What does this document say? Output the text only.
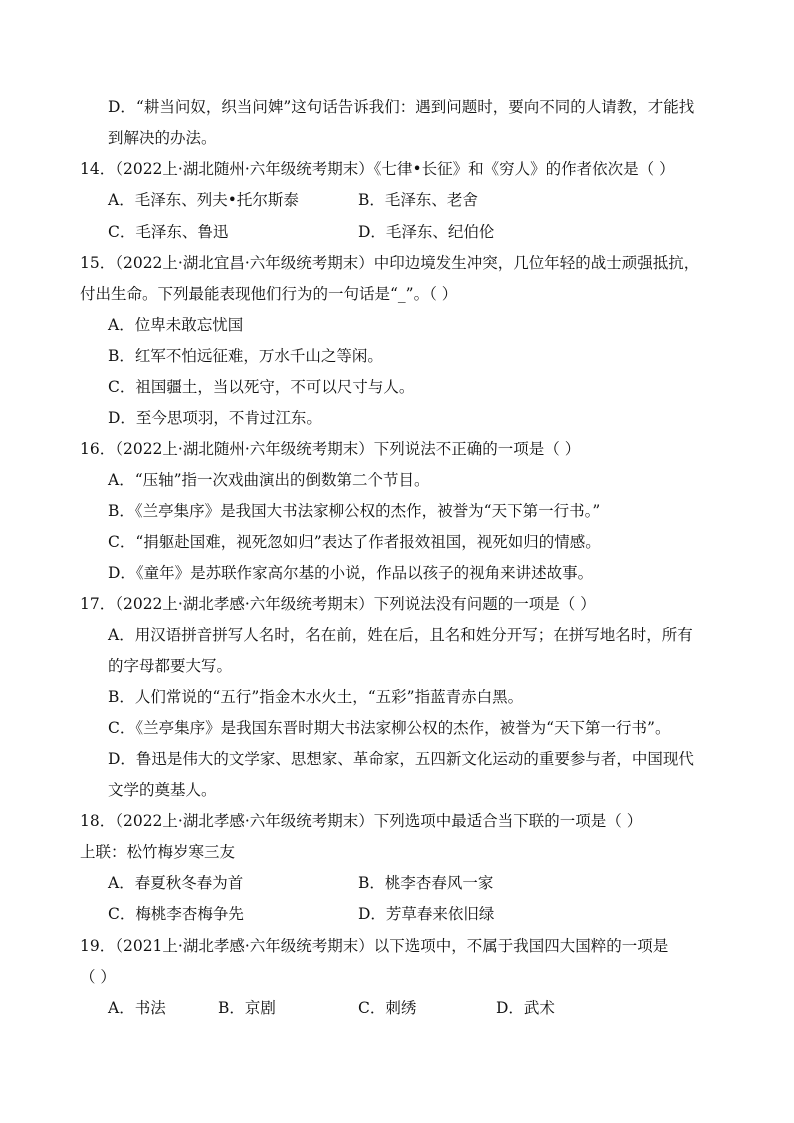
D．“耕当问奴，织当问婢”这句话告诉我们：遇到问题时，要向不同的人请教，才能找
到解决的办法。
14．（2022上·湖北随州·六年级统考期末）《七律•长征》和《穷人》的作者依次是（ ）
A．毛泽东、列夫•托尔斯泰	B．毛泽东、老舍
C．毛泽东、鲁迅	D．毛泽东、纪伯伦
15．（2022上·湖北宜昌·六年级统考期末）中印边境发生冲突，几位年轻的战士顽强抵抗，
付出生命。下列最能表现他们行为的一句话是“_”。（ ）
A．位卑未敢忘忧国
B．红军不怕远征难，万水千山之等闲。
C．祖国疆土，当以死守，不可以尺寸与人。
D．至今思项羽，不肯过江东。
16．（2022上·湖北随州·六年级统考期末）下列说法不正确的一项是（ ）
A．“压轴”指一次戏曲演出的倒数第二个节目。
B．《兰亭集序》是我国大书法家柳公权的杰作，被誉为“天下第一行书。”
C．“捐躯赴国难，视死忽如归”表达了作者报效祖国，视死如归的情感。
D．《童年》是苏联作家高尔基的小说，作品以孩子的视角来讲述故事。
17．（2022上·湖北孝感·六年级统考期末）下列说法没有问题的一项是（ ）
A．用汉语拼音拼写人名时，名在前，姓在后，且名和姓分开写；在拼写地名时，所有
的字母都要大写。
B．人们常说的“五行”指金木水火土，“五彩”指蓝青赤白黑。
C．《兰亭集序》是我国东晋时期大书法家柳公权的杰作，被誉为“天下第一行书”。
D．鲁迅是伟大的文学家、思想家、革命家，五四新文化运动的重要参与者，中国现代
文学的奠基人。
18．（2022上·湖北孝感·六年级统考期末）下列选项中最适合当下联的一项是（ ）
上联：松竹梅岁寒三友
A．春夏秋冬春为首	B．桃李杏春风一家
C．梅桃李杏梅争先	D．芳草春来依旧绿
19．（2021上·湖北孝感·六年级统考期末）以下选项中，不属于我国四大国粹的一项是
（ ）
A．书法	B．京剧	C．刺绣	D．武术
